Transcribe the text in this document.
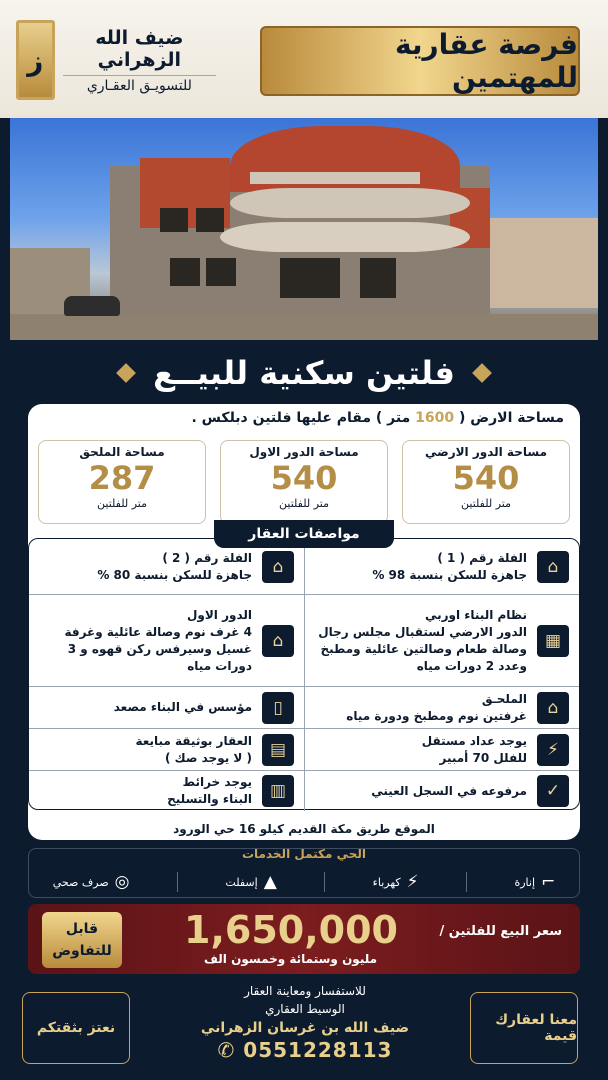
ضيف الله الزهراني
للتسويـق العقـاري
ز	فرصة عقارية للمهتمين
فلتين سكنية للبيــع
مساحة الارض ( 1600 متر ) مقام عليها فلتين دبلكس .
مساحة الدور الارضي
540
متر للفلتين
مساحة الدور الاول
540
متر للفلتين
مساحة الملحق
287
متر للفلتين
⌂
الفلة رقم ( 1 )
جاهزة للسكن بنسبة 98 %
⌂
الفلة رقم ( 2 )
جاهزة للسكن بنسبة 80 %
▦
نظام البناء اوربي
الدور الارضي لستقبال مجلس رجال وصالة طعام وصالتين عائلية ومطبخ وعدد 2 دورات مياه
⌂
الدور الاول
4 غرف نوم وصالة عائلية وغرفة غسيل وسيرفس ركن قهوه و 3 دورات مياه
⌂
الملحـق
غرفتين نوم ومطبخ ودورة مياه
▯
مؤسس في البناء مصعد
⚡
يوجد عداد مستقل
للفلل 70 أمبير
▤
العقار بوثيقة مبايعة
( لا يوجد صك )
✓
مرفوعه في السجل العيني
▥
يوجد خرائط
البناء والتسليح
مواصفات العقار
الموقع طريق مكة القديم كيلو 16 حي الورود
الحي مكتمل الخدمات
⌐
إنارة
⚡
كهرباء
▲
إسفلت
◎
صرف صحي
سعر البيع للفلتين /
1,650,000
مليون وستمائة وخمسون الف
قابل للتفاوض
نعتز بثقتكم	معنا لعقارك قيمة
للاستفسار ومعاينة العقار
الوسيط العقاري
ضيف الله بن غرسان الزهراني
✆ 0551228113
